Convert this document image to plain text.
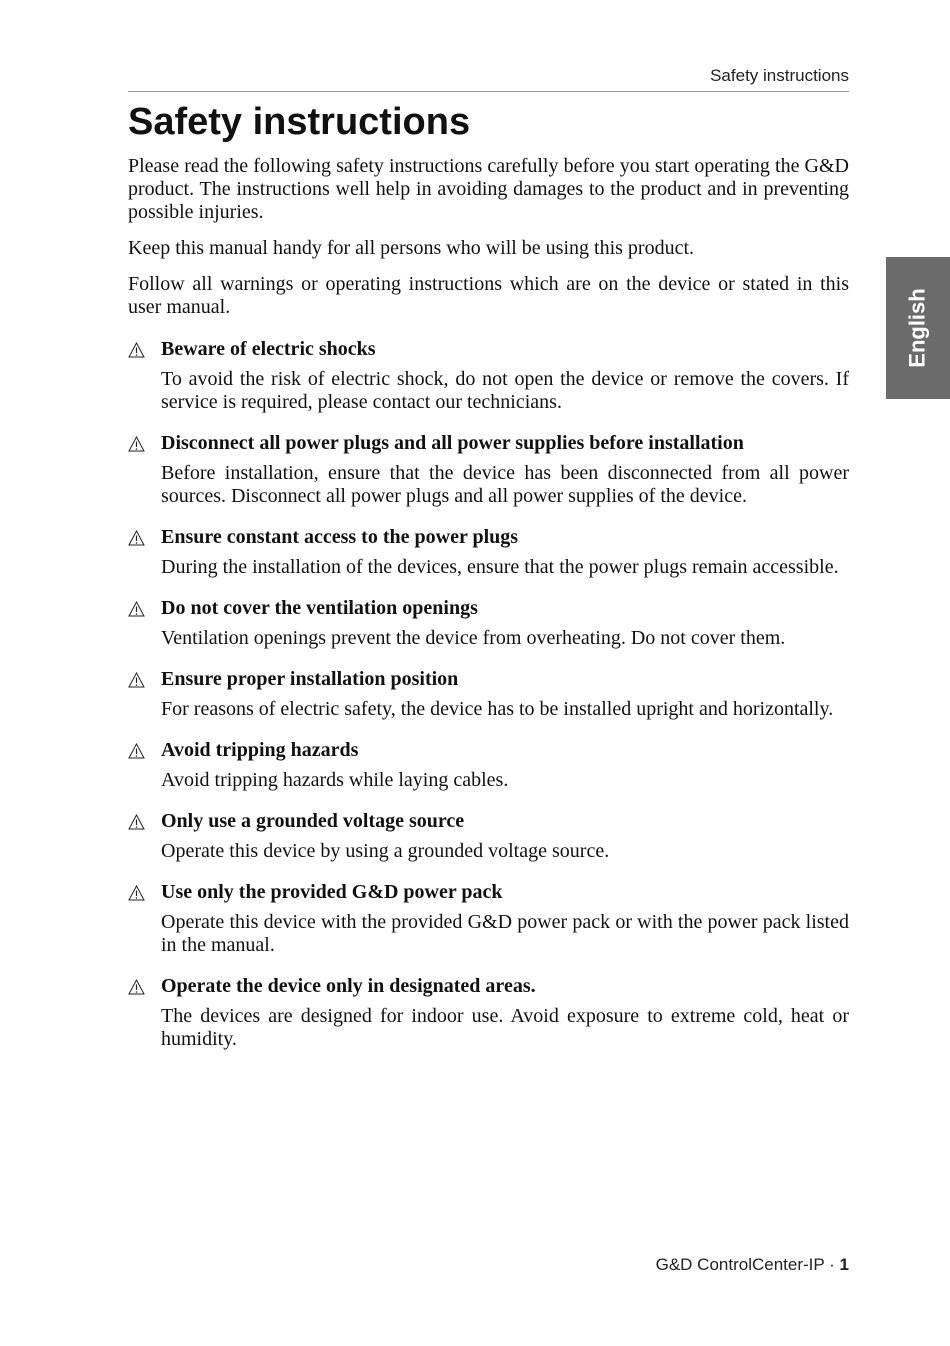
Safety instructions
Safety instructions

Please read the following safety instructions carefully before you start operating the G&D product. The instructions well help in avoiding damages to the product and in preventing possible injuries.

Keep this manual handy for all persons who will be using this product.

Follow all warnings or operating instructions which are on the device or stated in this user manual.

Beware of electric shocks

To avoid the risk of electric shock, do not open the device or remove the covers. If service is required, please contact our technicians.

Disconnect all power plugs and all power supplies before installation

Before installation, ensure that the device has been disconnected from all power sources. Disconnect all power plugs and all power supplies of the device.

Ensure constant access to the power plugs

During the installation of the devices, ensure that the power plugs remain accessible.

Do not cover the ventilation openings

Ventilation openings prevent the device from overheating. Do not cover them.

Ensure proper installation position

For reasons of electric safety, the device has to be installed upright and horizontally.

Avoid tripping hazards

Avoid tripping hazards while laying cables.

Only use a grounded voltage source

Operate this device by using a grounded voltage source.

Use only the provided G&D power pack

Operate this device with the provided G&D power pack or with the power pack listed in the manual.

Operate the device only in designated areas.

The devices are designed for indoor use. Avoid exposure to extreme cold, heat or humidity.

English
G&D ControlCenter-IP · 1
